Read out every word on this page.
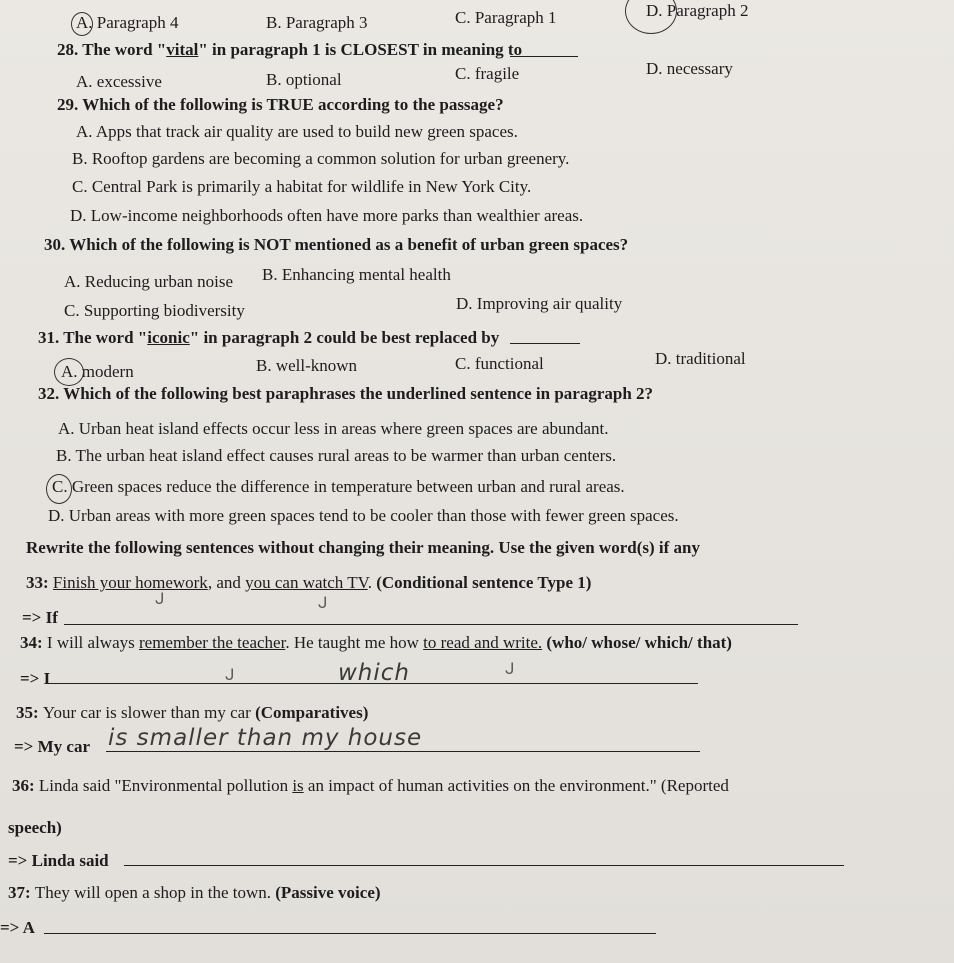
A. Paragraph 4	B. Paragraph 3	C. Paragraph 1	D. Paragraph 2
28. The word "vital" in paragraph 1 is CLOSEST in meaning to
A. excessive	B. optional	C. fragile	D. necessary
29. Which of the following is TRUE according to the passage?
A. Apps that track air quality are used to build new green spaces.
B. Rooftop gardens are becoming a common solution for urban greenery.
C. Central Park is primarily a habitat for wildlife in New York City.
D. Low-income neighborhoods often have more parks than wealthier areas.
30. Which of the following is NOT mentioned as a benefit of urban green spaces?
A. Reducing urban noise B. Enhancing mental health
C. Supporting biodiversity	D. Improving air quality
31. The word "iconic" in paragraph 2 could be best replaced by
A. modern	B. well-known	C. functional	D. traditional
32. Which of the following best paraphrases the underlined sentence in paragraph 2?
A. Urban heat island effects occur less in areas where green spaces are abundant.
B. The urban heat island effect causes rural areas to be warmer than urban centers.
C. Green spaces reduce the difference in temperature between urban and rural areas.
D. Urban areas with more green spaces tend to be cooler than those with fewer green spaces.
Rewrite the following sentences without changing their meaning. Use the given word(s) if any
33: Finish your homework, and you can watch TV. (Conditional sentence Type 1)
ᒍ	ᒍ
=> If
34: I will always remember the teacher. He taught me how to read and write. (who/ whose/ which/ that)
=> I	ᒍ	which	ᒍ
35: Your car is slower than my car (Comparatives)
=> My car is smaller than my house
36: Linda said "Environmental pollution is an impact of human activities on the environment." (Reported
speech)
=> Linda said
37: They will open a shop in the town. (Passive voice)
=> A
